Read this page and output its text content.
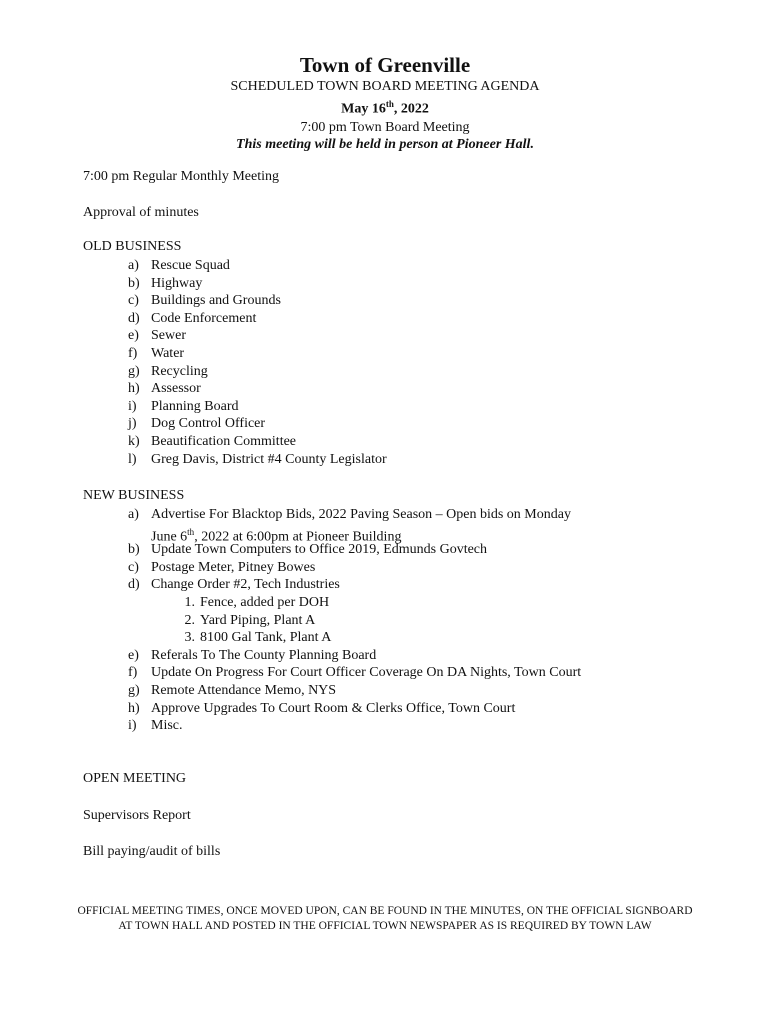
Town of Greenville
SCHEDULED TOWN BOARD MEETING AGENDA
May 16th, 2022
7:00 pm Town Board Meeting
This meeting will be held in person at Pioneer Hall.
7:00 pm Regular Monthly Meeting
Approval of minutes
OLD BUSINESS
a) Rescue Squad
b) Highway
c) Buildings and Grounds
d) Code Enforcement
e) Sewer
f) Water
g) Recycling
h) Assessor
i)	Planning Board
j)	Dog Control Officer
k) Beautification Committee
l)	Greg Davis, District #4 County Legislator
NEW BUSINESS
a) Advertise For Blacktop Bids, 2022 Paving Season – Open bids on Monday
June 6th, 2022 at 6:00pm at Pioneer Building
b) Update Town Computers to Office 2019, Edmunds Govtech
c) Postage Meter, Pitney Bowes
d) Change Order #2, Tech Industries
1. Fence, added per DOH
2. Yard Piping, Plant A
3. 8100 Gal Tank, Plant A
e) Referals To The County Planning Board
f) Update On Progress For Court Officer Coverage On DA Nights, Town Court
g) Remote Attendance Memo, NYS
h) Approve Upgrades To Court Room & Clerks Office, Town Court
i)	Misc.
OPEN MEETING
Supervisors Report
Bill paying/audit of bills
OFFICIAL MEETING TIMES, ONCE MOVED UPON, CAN BE FOUND IN THE MINUTES, ON THE OFFICIAL SIGNBOARD AT TOWN HALL AND POSTED IN THE OFFICIAL TOWN NEWSPAPER AS IS REQUIRED BY TOWN LAW
